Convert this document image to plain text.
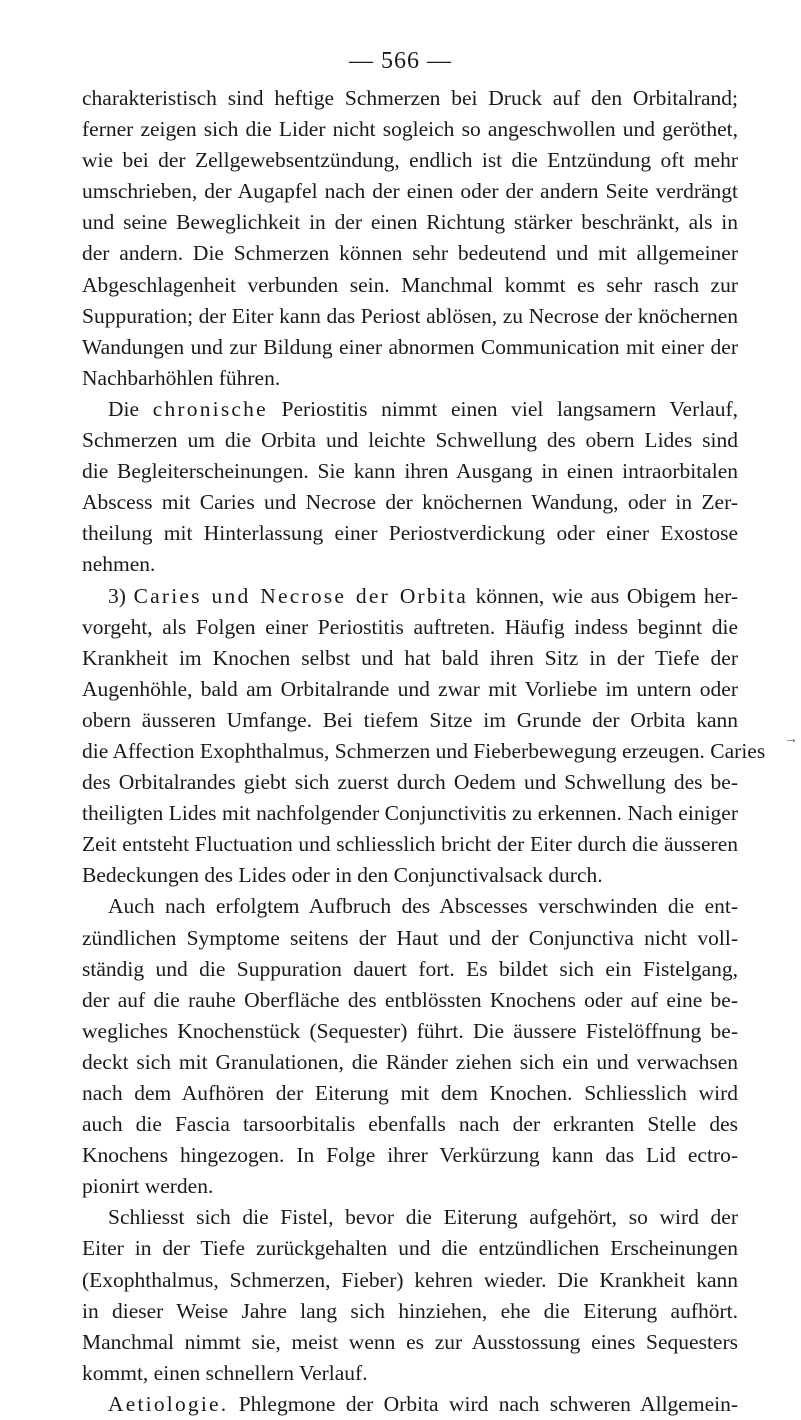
— 566 —
charakteristisch sind heftige Schmerzen bei Druck auf den Orbitalrand;
ferner zeigen sich die Lider nicht sogleich so angeschwollen und geröthet,
wie bei der Zellgewebsentzündung, endlich ist die Entzündung oft mehr
umschrieben, der Augapfel nach der einen oder der andern Seite verdrängt
und seine Beweglichkeit in der einen Richtung stärker beschränkt, als in
der andern. Die Schmerzen können sehr bedeutend und mit allgemeiner
Abgeschlagenheit verbunden sein. Manchmal kommt es sehr rasch zur
Suppuration; der Eiter kann das Periost ablösen, zu Necrose der knöchernen
Wandungen und zur Bildung einer abnormen Communication mit einer der
Nachbarhöhlen führen.
Die chronische Periostitis nimmt einen viel langsamern Verlauf,
Schmerzen um die Orbita und leichte Schwellung des obern Lides sind
die Begleiterscheinungen. Sie kann ihren Ausgang in einen intraorbitalen
Abscess mit Caries und Necrose der knöchernen Wandung, oder in Zer-
theilung mit Hinterlassung einer Periostverdickung oder einer Exostose
nehmen.
3) Caries und Necrose der Orbita können, wie aus Obigem her-
vorgeht, als Folgen einer Periostitis auftreten. Häufig indess beginnt die
Krankheit im Knochen selbst und hat bald ihren Sitz in der Tiefe der
Augenhöhle, bald am Orbitalrande und zwar mit Vorliebe im untern oder
obern äusseren Umfange. Bei tiefem Sitze im Grunde der Orbita kann
die Affection Exophthalmus, Schmerzen und Fieberbewegung erzeugen. Caries
des Orbitalrandes giebt sich zuerst durch Oedem und Schwellung des be-
theiligten Lides mit nachfolgender Conjunctivitis zu erkennen. Nach einiger
Zeit entsteht Fluctuation und schliesslich bricht der Eiter durch die äusseren
Bedeckungen des Lides oder in den Conjunctivalsack durch.
Auch nach erfolgtem Aufbruch des Abscesses verschwinden die ent-
zündlichen Symptome seitens der Haut und der Conjunctiva nicht voll-
ständig und die Suppuration dauert fort. Es bildet sich ein Fistelgang,
der auf die rauhe Oberfläche des entblössten Knochens oder auf eine be-
wegliches Knochenstück (Sequester) führt. Die äussere Fistelöffnung be-
deckt sich mit Granulationen, die Ränder ziehen sich ein und verwachsen
nach dem Aufhören der Eiterung mit dem Knochen. Schliesslich wird
auch die Fascia tarsoorbitalis ebenfalls nach der erkranten Stelle des
Knochens hingezogen. In Folge ihrer Verkürzung kann das Lid ectro-
pionirt werden.
Schliesst sich die Fistel, bevor die Eiterung aufgehört, so wird der
Eiter in der Tiefe zurückgehalten und die entzündlichen Erscheinungen
(Exophthalmus, Schmerzen, Fieber) kehren wieder. Die Krankheit kann
in dieser Weise Jahre lang sich hinziehen, ehe die Eiterung aufhört.
Manchmal nimmt sie, meist wenn es zur Ausstossung eines Sequesters
kommt, einen schnellern Verlauf.
Aetiologie. Phlegmone der Orbita wird nach schweren Allgemein-
→
